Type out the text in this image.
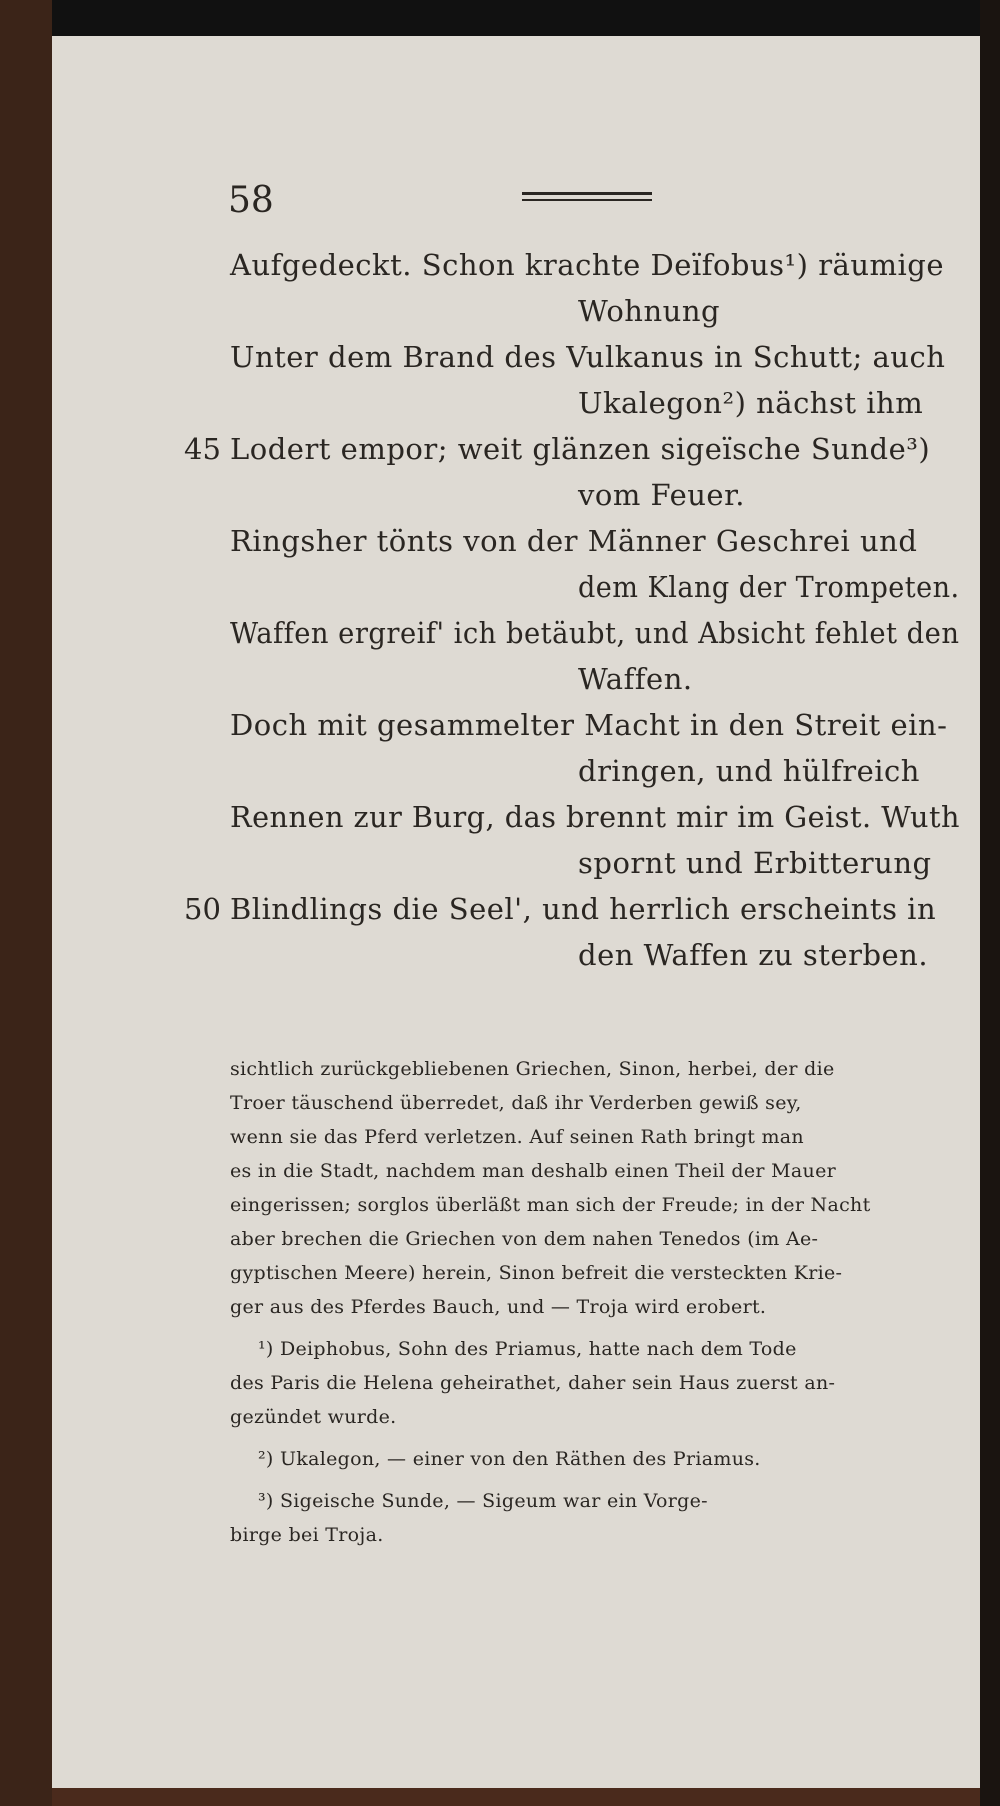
58
Aufgedeckt. Schon krachte Deïfobus¹) räumige
Wohnung
Unter dem Brand des Vulkanus in Schutt; auch
Ukalegon²) nächst ihm
45 Lodert empor; weit glänzen sigeïsche Sunde³)
vom Feuer.
Ringsher tönts von der Männer Geschrei und
dem Klang der Trompeten.
Waffen ergreif' ich betäubt, und Absicht fehlet den
Waffen.
Doch mit gesammelter Macht in den Streit ein-
dringen, und hülfreich
Rennen zur Burg, das brennt mir im Geist. Wuth
spornt und Erbitterung
50 Blindlings die Seel', und herrlich erscheints in
den Waffen zu sterben.
sichtlich zurückgebliebenen Griechen, Sinon, herbei, der die
Troer täuschend überredet, daß ihr Verderben gewiß sey,
wenn sie das Pferd verletzen. Auf seinen Rath bringt man
es in die Stadt, nachdem man deshalb einen Theil der Mauer
eingerissen; sorglos überläßt man sich der Freude; in der Nacht
aber brechen die Griechen von dem nahen Tenedos (im Ae-
gyptischen Meere) herein, Sinon befreit die versteckten Krie-
ger aus des Pferdes Bauch, und — Troja wird erobert.
¹) Deiphobus, Sohn des Priamus, hatte nach dem Tode
des Paris die Helena geheirathet, daher sein Haus zuerst an-
gezündet wurde.
²) Ukalegon, — einer von den Räthen des Priamus.
³) Sigeische Sunde, — Sigeum war ein Vorge-
birge bei Troja.
